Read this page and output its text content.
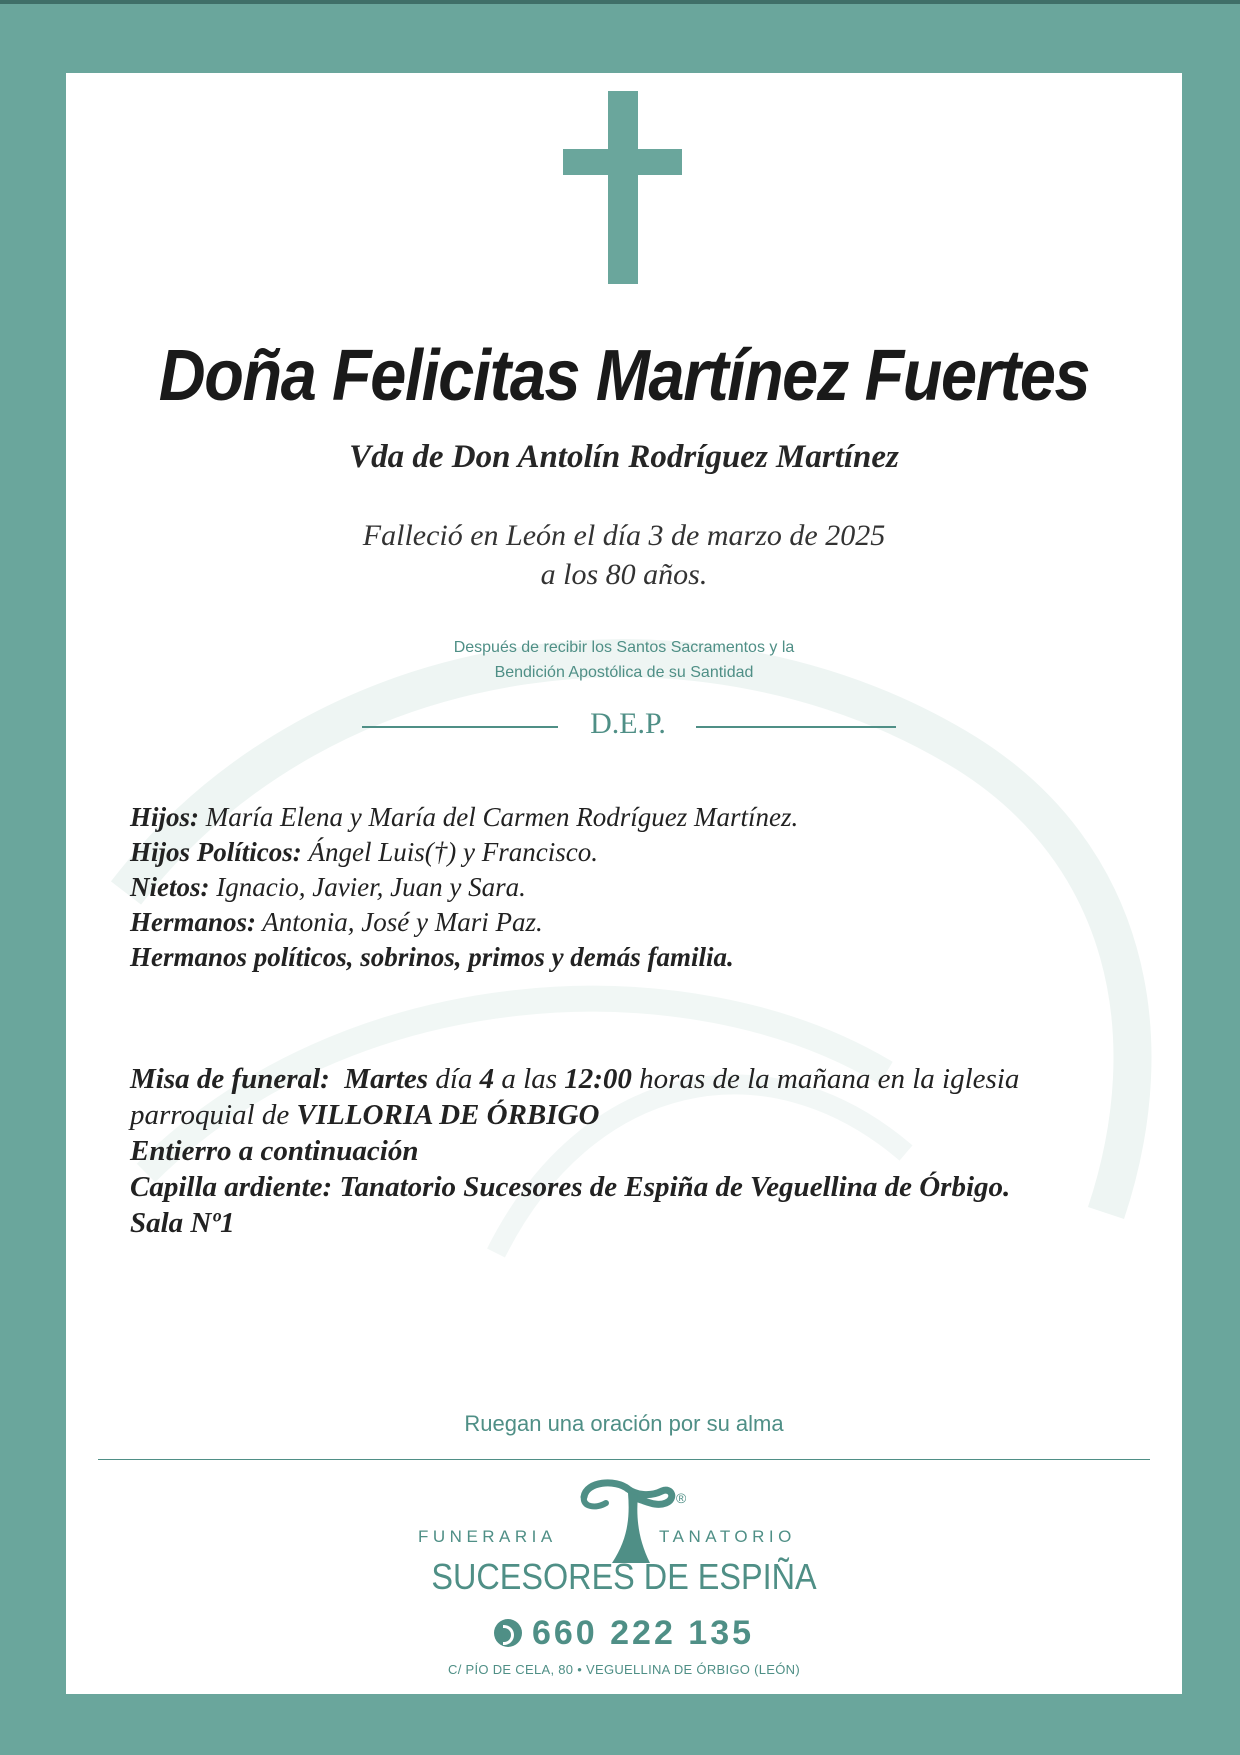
Doña Felicitas Martínez Fuertes
Vda de Don Antolín Rodríguez Martínez
Falleció en León el día 3 de marzo de 2025
a los 80 años.
Después de recibir los Santos Sacramentos y la
Bendición Apostólica de su Santidad
D.E.P.
Hijos: María Elena y María del Carmen Rodríguez Martínez.
Hijos Políticos: Ángel Luis(†) y Francisco.
Nietos: Ignacio, Javier, Juan y Sara.
Hermanos: Antonia, José y Mari Paz.
Hermanos políticos, sobrinos, primos y demás familia.
Misa de funeral: Martes día 4 a las 12:00 horas de la mañana en la iglesia
parroquial de VILLORIA DE ÓRBIGO
Entierro a continuación
Capilla ardiente: Tanatorio Sucesores de Espiña de Veguellina de Órbigo.
Sala Nº1
Ruegan una oración por su alma
®
FUNERARIA	TANATORIO
SUCESORES DE ESPIÑA
660 222 135
C/ PÍO DE CELA, 80 • VEGUELLINA DE ÓRBIGO (LEÓN)
